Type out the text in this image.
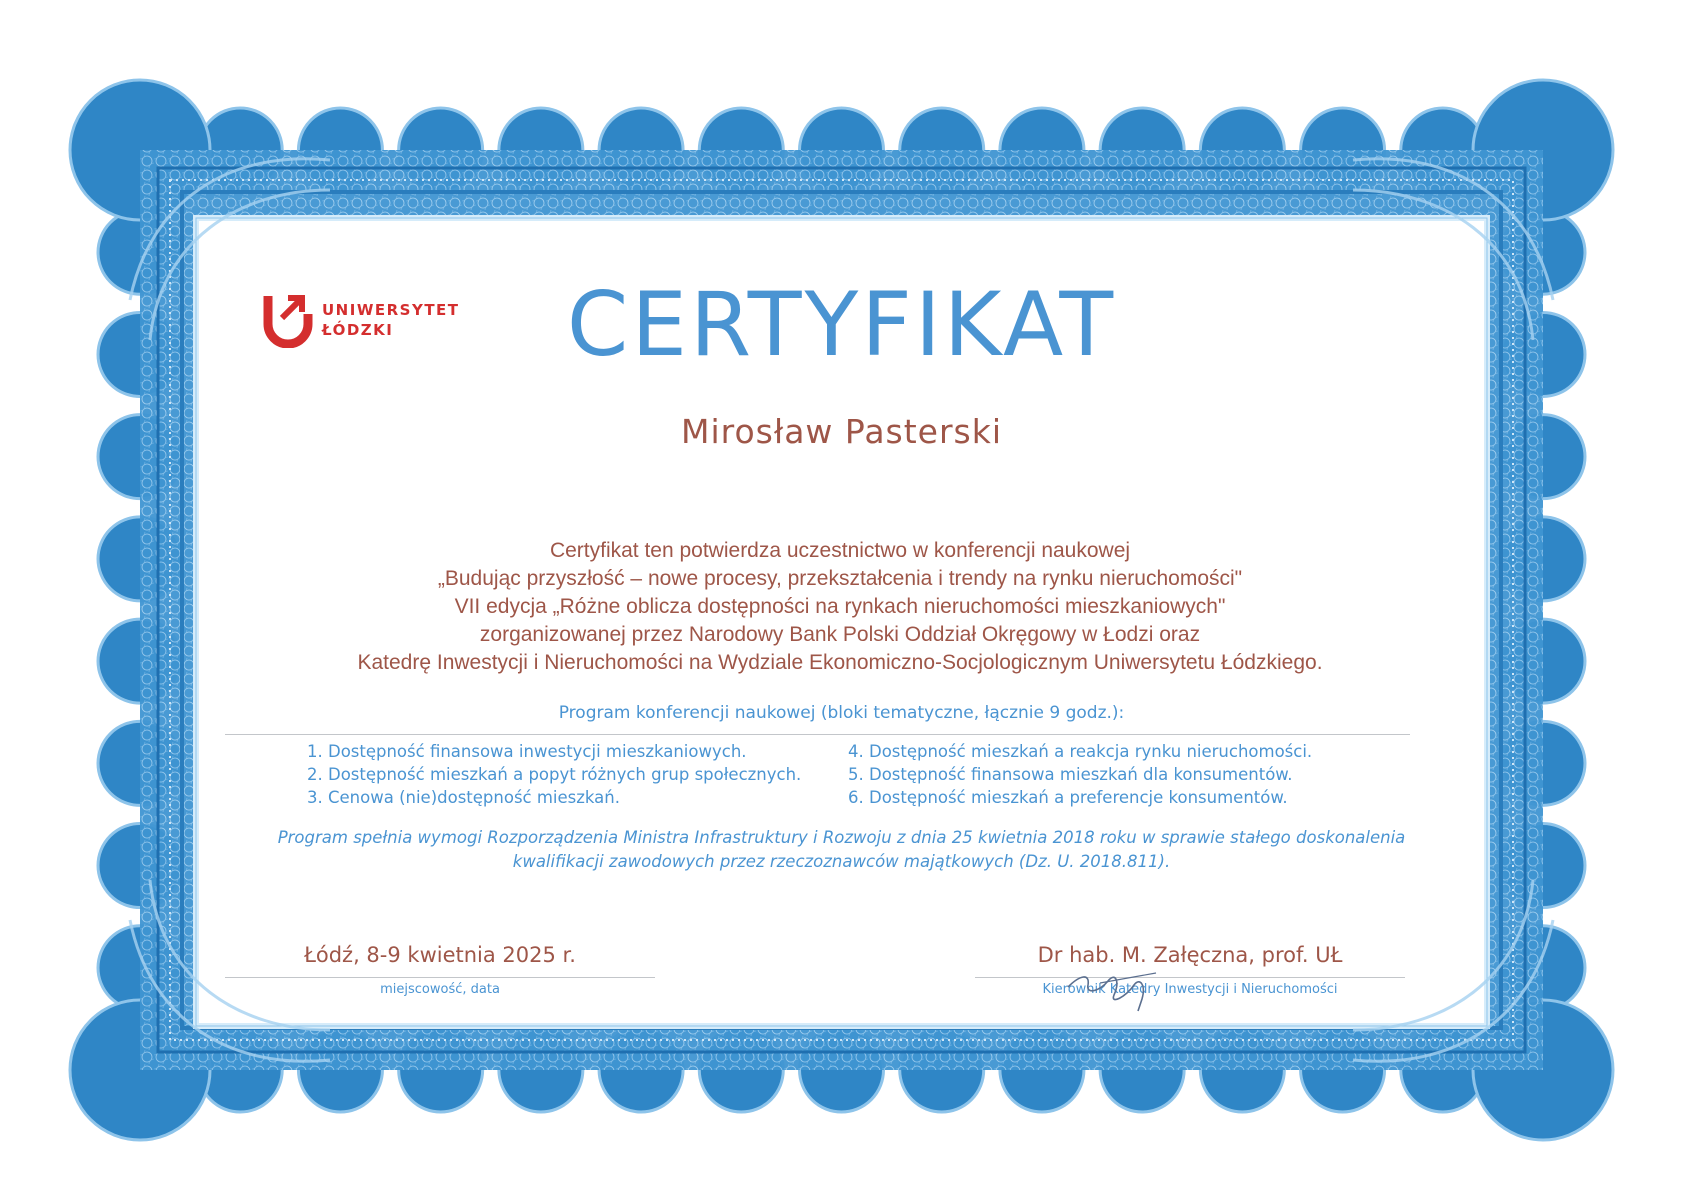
UNIWERSYTET
ŁÓDZKI	CERTYFIKAT
Mirosław Pasterski
Certyfikat ten potwierdza uczestnictwo w konferencji naukowej
„Budując przyszłość – nowe procesy, przekształcenia i trendy na rynku nieruchomości"
VII edycja „Różne oblicza dostępności na rynkach nieruchomości mieszkaniowych"
zorganizowanej przez Narodowy Bank Polski Oddział Okręgowy w Łodzi oraz
Katedrę Inwestycji i Nieruchomości na Wydziale Ekonomiczno-Socjologicznym Uniwersytetu Łódzkiego.
Program konferencji naukowej (bloki tematyczne, łącznie 9 godz.):
1. Dostępność finansowa inwestycji mieszkaniowych.
2. Dostępność mieszkań a popyt różnych grup społecznych.
3. Cenowa (nie)dostępność mieszkań.
4. Dostępność mieszkań a reakcja rynku nieruchomości.
5. Dostępność finansowa mieszkań dla konsumentów.
6. Dostępność mieszkań a preferencje konsumentów.
Program spełnia wymogi Rozporządzenia Ministra Infrastruktury i Rozwoju z dnia 25 kwietnia 2018 roku w sprawie stałego doskonalenia
kwalifikacji zawodowych przez rzeczoznawców majątkowych (Dz. U. 2018.811).
Łódź, 8-9 kwietnia 2025 r.
miejscowość, data
Dr hab. M. Załęczna, prof. UŁ
Kierownik Katedry Inwestycji i Nieruchomości
